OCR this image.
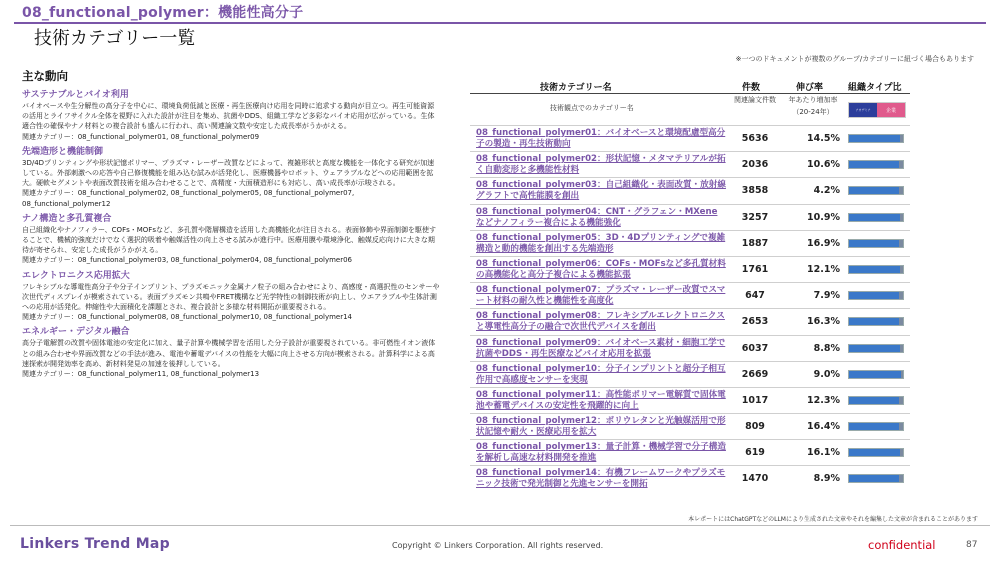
08_functional_polymer：機能性高分子
技術カテゴリー一覧
※一つのドキュメントが複数のグループ/カテゴリーに紐づく場合もあります
主な動向
サステナブルとバイオ利用

バイオベースや生分解性の高分子を中心に、環境負荷低減と医療・再生医療向け応用を同時に追求する動向が目立つ。再生可能資源の活用とライフサイクル全体を視野に入れた設計が注目を集め、抗菌やDDS、組織工学など多彩なバイオ応用が広がっている。生体適合性の確保やナノ材料との複合設計も盛んに行われ、高い関連論文数や安定した成長率がうかがえる。

関連カテゴリー：08_functional_polymer01, 08_functional_polymer09

先端造形と機能制御

3D/4Dプリンティングや形状記憶ポリマー、プラズマ・レーザー改質などによって、複雑形状と高度な機能を一体化する研究が加速している。外部刺激への応答や自己修復機能を組み込む試みが活発化し、医療機器やロボット、ウェアラブルなどへの応用範囲を拡大。硬軟セグメントや表面改質技術を組み合わせることで、高精度・大面積造形にも対応し、高い成長率が示唆される。

関連カテゴリー：08_functional_polymer02, 08_functional_polymer05, 08_functional_polymer07, 08_functional_polymer12

ナノ構造と多孔質複合

自己組織化やナノフィラー、COFs・MOFsなど、多孔質や階層構造を活用した高機能化が注目される。表面修飾や界面制御を駆使することで、機械的強度だけでなく選択的吸着や触媒活性の向上させる試みが進行中。医療用膜や環境浄化、触媒反応向けに大きな期待が寄せられ、安定した成長がうかがえる。

関連カテゴリー：08_functional_polymer03, 08_functional_polymer04, 08_functional_polymer06

エレクトロニクス応用拡大

フレキシブルな導電性高分子や分子インプリント、プラズモニック金属ナノ粒子の組み合わせにより、高感度・高選択性のセンサーや次世代ディスプレイが模索されている。表面プラズモン共鳴やFRET機構など光学特性の制御技術が向上し、ウエアラブルや生体計測への応用が活発化。伸縮性や大面積化を課題とされ、複合設計と多様な材料開拓が重要視される。

関連カテゴリー：08_functional_polymer08, 08_functional_polymer10, 08_functional_polymer14

エネルギー・デジタル融合

高分子電解質の改質や固体電池の安定化に加え、量子計算や機械学習を活用した分子設計が重要視されている。非可燃性イオン液体との組み合わせや界面改質などの手法が進み、電池や蓄電デバイスの性能を大幅に向上させる方向が模索される。計算科学による高速探索が開発効率を高め、新材料発見の加速を後押ししている。

関連カテゴリー：08_functional_polymer11, 08_functional_polymer13

技術カテゴリー名	件数	伸び率	組織タイプ比
技術観点でのカテゴリー名
関連論文件数	年あたり増加率（20-24年）	アカデミア	企業
08_functional_polymer01：バイオベースと環境配慮型高分子の製造・再生技術動向	5636	14.5%
08_functional_polymer02：形状記憶・メタマテリアルが拓く自動変形と多機能性材料	2036	10.6%
08_functional_polymer03：自己組織化・表面改質・放射線グラフトで高性能膜を創出	3858	4.2%
08_functional_polymer04：CNT・グラフェン・MXeneなどナノフィラー複合による機能強化	3257	10.9%
08_functional_polymer05：3D・4Dプリンティングで複雑構造と動的機能を創出する先端造形	1887	16.9%
08_functional_polymer06：COFs・MOFsなど多孔質材料の高機能化と高分子複合による機能拡張	1761	12.1%
08_functional_polymer07：プラズマ・レーザー改質でスマート材料の耐久性と機能性を高度化	647	7.9%
08_functional_polymer08：フレキシブルエレクトロニクスと導電性高分子の融合で次世代デバイスを創出	2653	16.3%
08_functional_polymer09：バイオベース素材・細胞工学で抗菌やDDS・再生医療などバイオ応用を拡張	6037	8.8%
08_functional_polymer10：分子インプリントと超分子相互作用で高感度センサーを実現	2669	9.0%
08_functional_polymer11：高性能ポリマー電解質で固体電池や蓄電デバイスの安定性を飛躍的に向上	1017	12.3%
08_functional_polymer12：ポリウレタンと光触媒活用で形状記憶や耐火・医療応用を拡大	809	16.4%
08_functional_polymer13：量子計算・機械学習で分子構造を解析し高速な材料開発を推進	619	16.1%
08_functional_polymer14：有機フレームワークやプラズモニック技術で発光制御と先進センサーを開拓	1470	8.9%
本レポートにはChatGPTなどのLLMにより生成された文章やそれを編集した文章が含まれることがあります
Linkers Trend Map	Copyright © Linkers Corporation. All rights reserved.	confidential	87
